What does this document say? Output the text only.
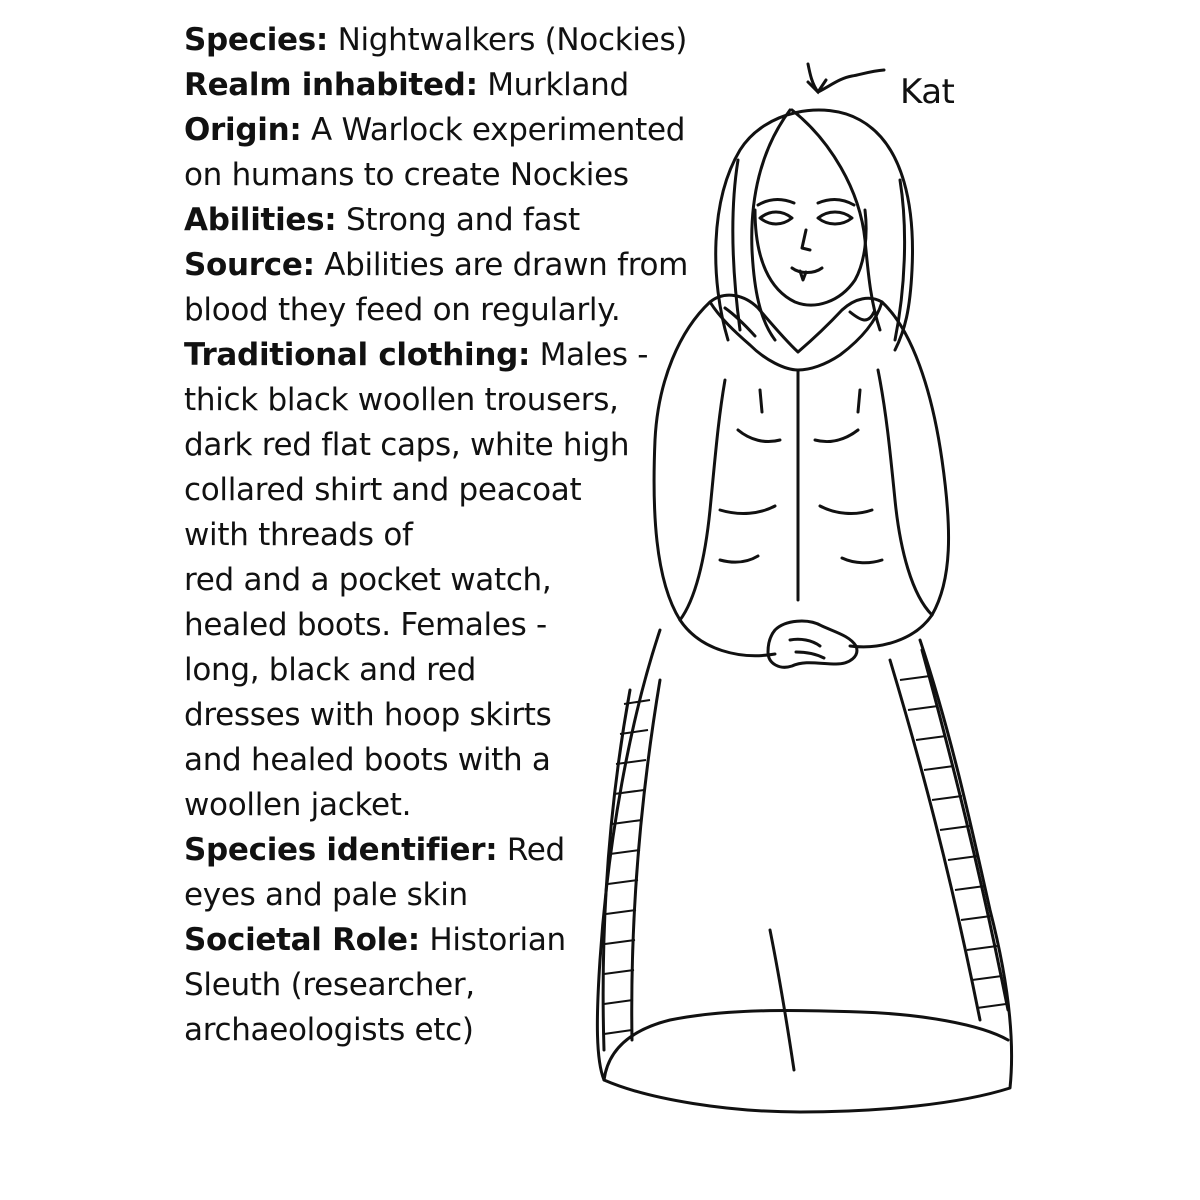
Species: Nightwalkers (Nockies)
Realm inhabited: Murkland
Origin: A Warlock experimented
on humans to create Nockies
Abilities: Strong and fast
Source: Abilities are drawn from
blood they feed on regularly.
Traditional clothing: Males -
thick black woollen trousers,
dark red flat caps, white high
collared shirt and peacoat
with threads of
red and a pocket watch,
healed boots. Females -
long, black and red
dresses with hoop skirts
and healed boots with a
woollen jacket.
Species identifier: Red
eyes and pale skin
Societal Role: Historian
Sleuth (researcher,
archaeologists etc)
Kat
